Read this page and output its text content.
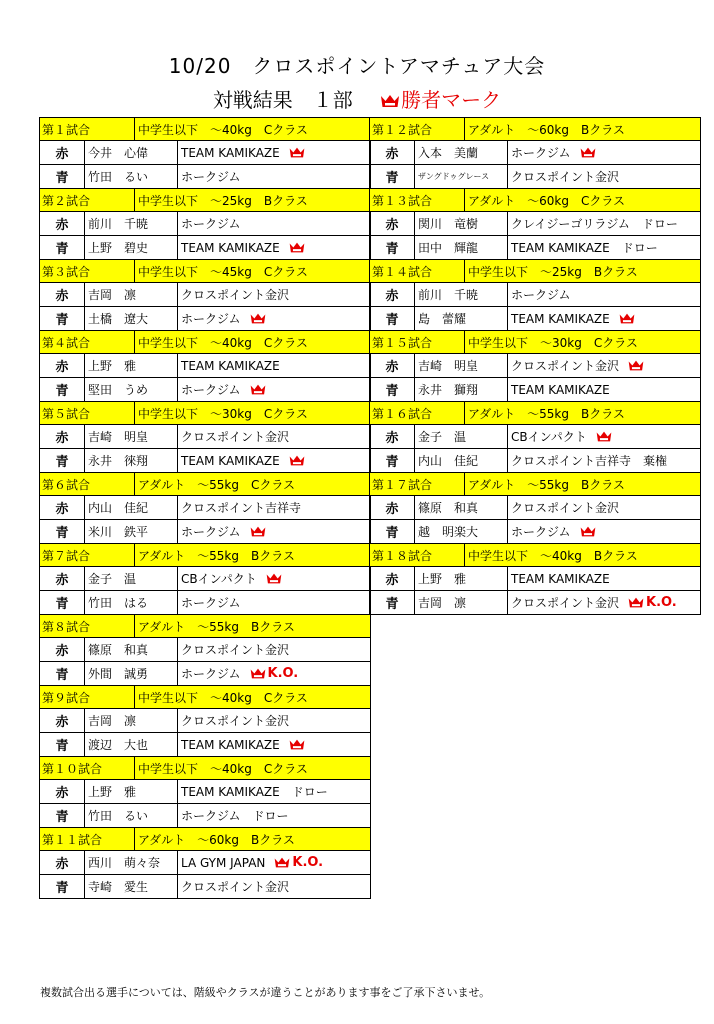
10/20　クロスポイントアマチュア大会
対戦結果　１部 勝者マーク
第１試合	中学生以下　～40kg　Cクラス
赤	今井　心偉	TEAM KAMIKAZE
青	竹田　るい	ホークジム
第２試合	中学生以下　～25kg　Bクラス
赤	前川　千暁	ホークジム
青	上野　碧史	TEAM KAMIKAZE
第３試合	中学生以下　～45kg　Cクラス
赤	吉岡　凛	クロスポイント金沢
青	土橋　遼大	ホークジム
第４試合	中学生以下　～40kg　Cクラス
赤	上野　雅	TEAM KAMIKAZE
青	堅田　うめ	ホークジム
第５試合	中学生以下　～30kg　Cクラス
赤	吉崎　明皇	クロスポイント金沢
青	永井　徠翔	TEAM KAMIKAZE
第６試合	アダルト　～55kg　Cクラス
赤	内山　佳紀	クロスポイント吉祥寺
青	米川　鉄平	ホークジム
第７試合	アダルト　～55kg　Bクラス
赤	金子　温	CBインパクト
青	竹田　はる	ホークジム
第８試合	アダルト　～55kg　Bクラス
赤	篠原　和真	クロスポイント金沢
青	外間　誠勇	ホークジム K.O.
第９試合	中学生以下　～40kg　Cクラス
赤	吉岡　凛	クロスポイント金沢
青	渡辺　大也	TEAM KAMIKAZE
第１０試合	中学生以下　～40kg　Cクラス
赤	上野　雅	TEAM KAMIKAZE　ドロー
青	竹田　るい	ホークジム　ドロー
第１１試合	アダルト　～60kg　Bクラス
赤	西川　萌々奈	LA GYM JAPAN K.O.
青	寺崎　愛生	クロスポイント金沢
第１２試合	アダルト　～60kg　Bクラス
赤	入本　美蘭	ホークジム
青	ザングドゥグレース	クロスポイント金沢
第１３試合	アダルト　～60kg　Cクラス
赤	関川　竜樹	クレイジーゴリラジム　ドロー
青	田中　輝龍	TEAM KAMIKAZE　ドロー
第１４試合	中学生以下　～25kg　Bクラス
赤	前川　千暁	ホークジム
青	島　蕾耀	TEAM KAMIKAZE
第１５試合	中学生以下　～30kg　Cクラス
赤	吉崎　明皇	クロスポイント金沢
青	永井　獅翔	TEAM KAMIKAZE
第１６試合	アダルト　～55kg　Bクラス
赤	金子　温	CBインパクト
青	内山　佳紀	クロスポイント吉祥寺　棄権
第１７試合	アダルト　～55kg　Bクラス
赤	篠原　和真	クロスポイント金沢
青	越　明楽大	ホークジム
第１８試合	中学生以下　～40kg　Bクラス
赤	上野　雅	TEAM KAMIKAZE
青	吉岡　凛	クロスポイント金沢 K.O.
複数試合出る選手については、階級やクラスが違うことがあります事をご了承下さいませ。
